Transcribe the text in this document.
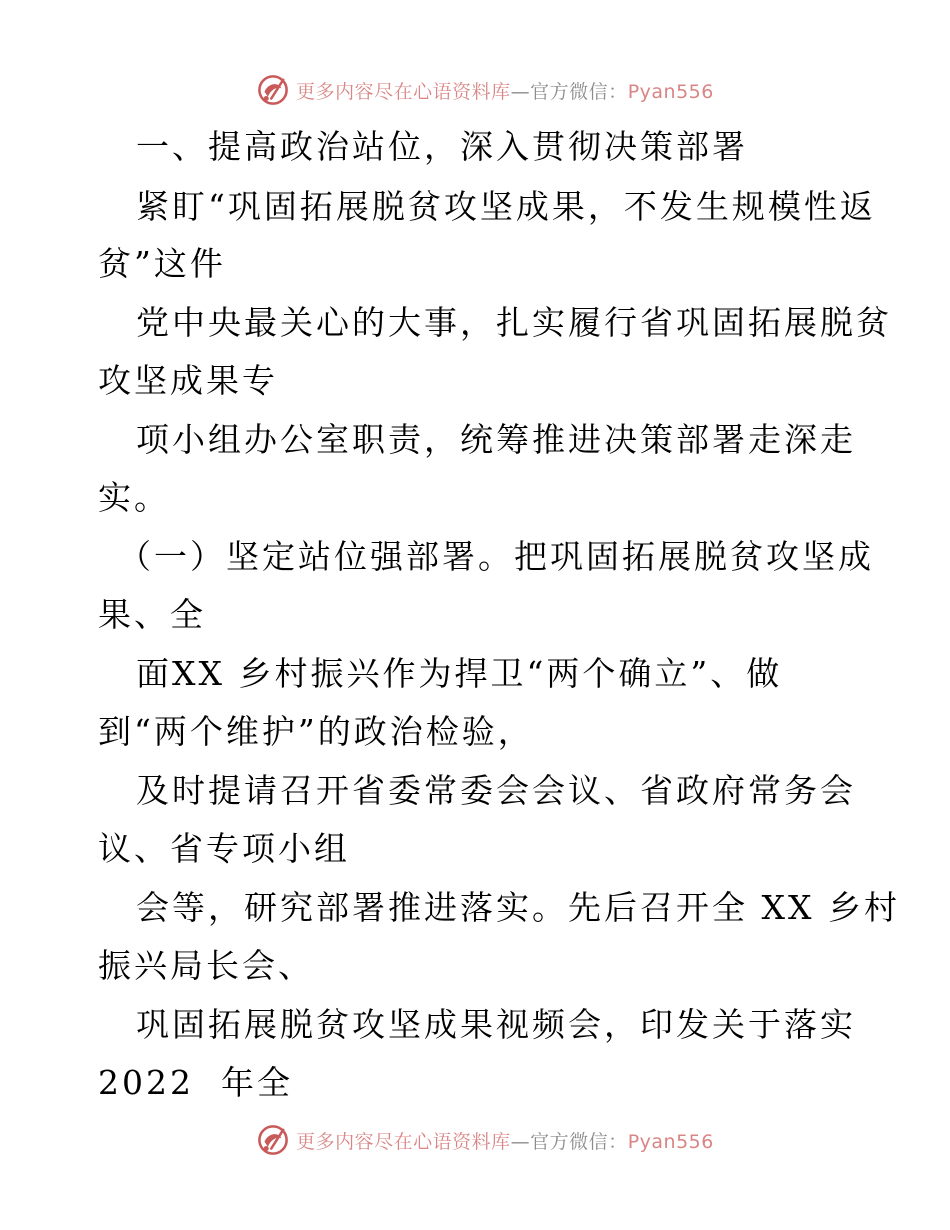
更多内容尽在心语资料库—官方微信：Pyan556
一、提高政治站位，深入贯彻决策部署
紧盯“巩固拓展脱贫攻坚成果，不发生规模性返
贫”这件
党中央最关心的大事，扎实履行省巩固拓展脱贫
攻坚成果专
项小组办公室职责，统筹推进决策部署走深走
实。
（一）坚定站位强部署。把巩固拓展脱贫攻坚成
果、全
面XX 乡村振兴作为捍卫“两个确立”、做
到“两个维护”的政治检验，
及时提请召开省委常委会会议、省政府常务会
议、省专项小组
会等，研究部署推进落实。先后召开全 XX 乡村
振兴局长会、
巩固拓展脱贫攻坚成果视频会，印发关于落实
2022  年全
更多内容尽在心语资料库—官方微信：Pyan556
